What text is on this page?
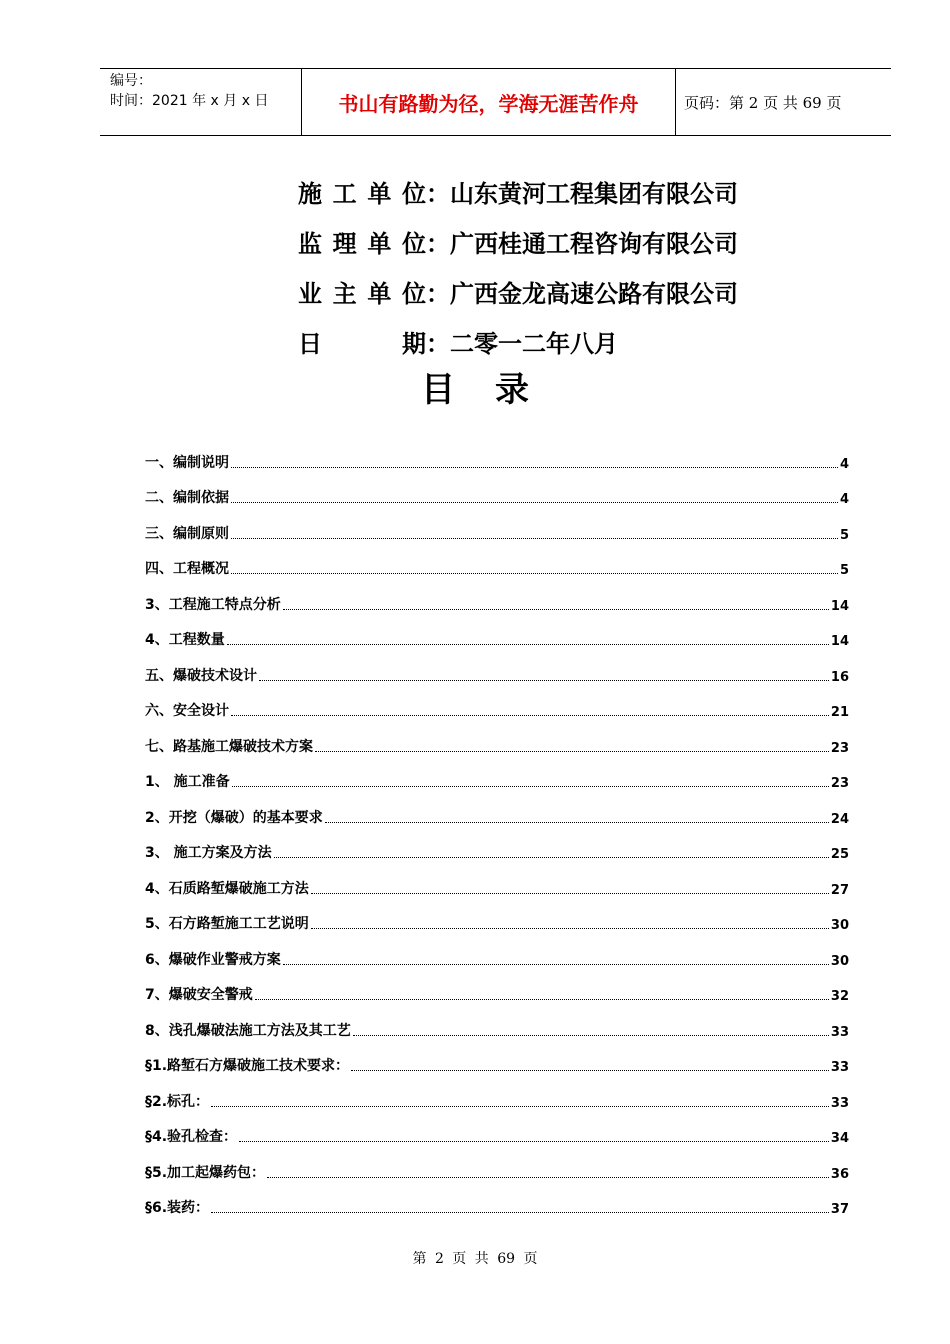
编号：
时间：2021 年 x 月 x 日	书山有路勤为径，学海无涯苦作舟	页码：第 2 页 共 69 页
施 工 单 位 ： 山东黄河工程集团有限公司
监 理 单 位 ： 广西桂通工程咨询有限公司
业 主 单 位 ： 广西金龙高速公路有限公司
日	期 ： 二零一二年八月
目录
一、编制说明	4
二、编制依据	4
三、编制原则	5
四、工程概况	5
3、工程施工特点分析	14
4、工程数量	14
五、爆破技术设计	16
六、安全设计	21
七、路基施工爆破技术方案	23
1、 施工准备	23
2、开挖（爆破）的基本要求	24
3、 施工方案及方法	25
4、石质路堑爆破施工方法	27
5、石方路堑施工工艺说明	30
6、爆破作业警戒方案	30
7、爆破安全警戒	32
8、浅孔爆破法施工方法及其工艺	33
§1.路堑石方爆破施工技术要求：	33
§2.标孔：	33
§4.验孔检查：	34
§5.加工起爆药包：	36
§6.装药：	37
第 2 页 共 69 页
